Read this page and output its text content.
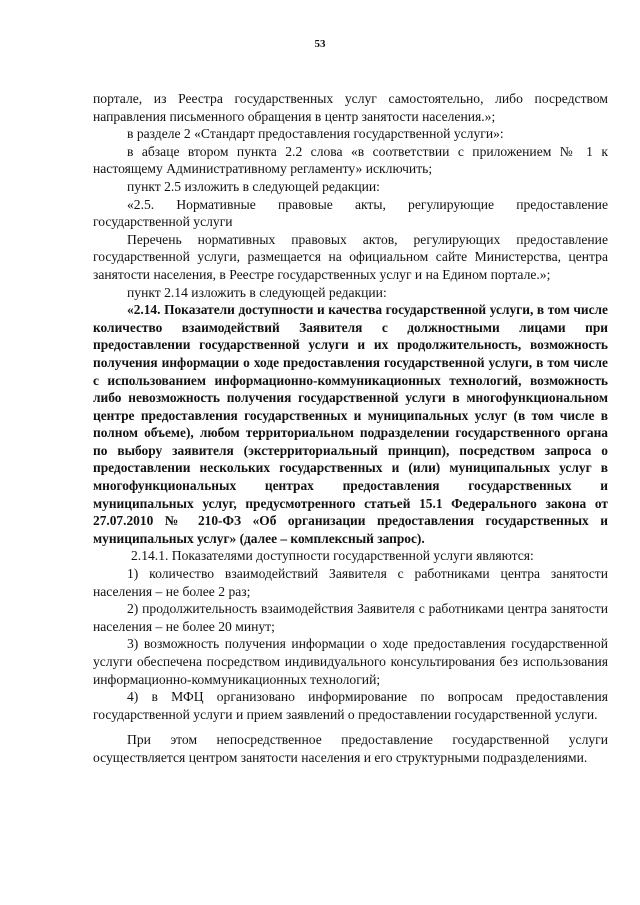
53

порталe, из Реестра государственных услуг самостоятельно, либо посредством направления письменного обращения в центр занятости населения.»;

в разделе 2 «Стандарт предоставления государственной услуги»:

в абзаце втором пункта 2.2 слова «в соответствии с приложением № 1 к настоящему Административному регламенту» исключить;

пункт 2.5 изложить в следующей редакции:

«2.5. Нормативные правовые акты, регулирующие предоставление государственной услуги

Перечень нормативных правовых актов, регулирующих предоставление государственной услуги, размещается на официальном сайте Министерства, центра занятости населения, в Реестре государственных услуг и на Едином портале.»;

пункт 2.14 изложить в следующей редакции:

«2.14. Показатели доступности и качества государственной услуги, в том числе количество взаимодействий Заявителя с должностными лицами при предоставлении государственной услуги и их продолжительность, возможность получения информации о ходе предоставления государственной услуги, в том числе с использованием информационно-коммуникационных технологий, возможность либо невозможность получения государственной услуги в многофункциональном центре предоставления государственных и муниципальных услуг (в том числе в полном объеме), любом территориальном подразделении государственного органа по выбору заявителя (экстерриториальный принцип), посредством запроса о предоставлении нескольких государственных и (или) муниципальных услуг в многофункциональных центрах предоставления государственных и муниципальных услуг, предусмотренного статьей 15.1 Федерального закона от 27.07.2010 № 210-ФЗ «Об организации предоставления государственных и муниципальных услуг» (далее – комплексный запрос).

2.14.1. Показателями доступности государственной услуги являются:

1) количество взаимодействий Заявителя с работниками центра занятости населения – не более 2 раз;

2) продолжительность взаимодействия Заявителя с работниками центра занятости населения – не более 20 минут;

3) возможность получения информации о ходе предоставления государственной услуги обеспечена посредством индивидуального консультирования без использования информационно-коммуникационных технологий;

4) в МФЦ организовано информирование по вопросам предоставления государственной услуги и прием заявлений о предоставлении государственной услуги.

При этом непосредственное предоставление государственной услуги осуществляется центром занятости населения и его структурными подразделениями.
